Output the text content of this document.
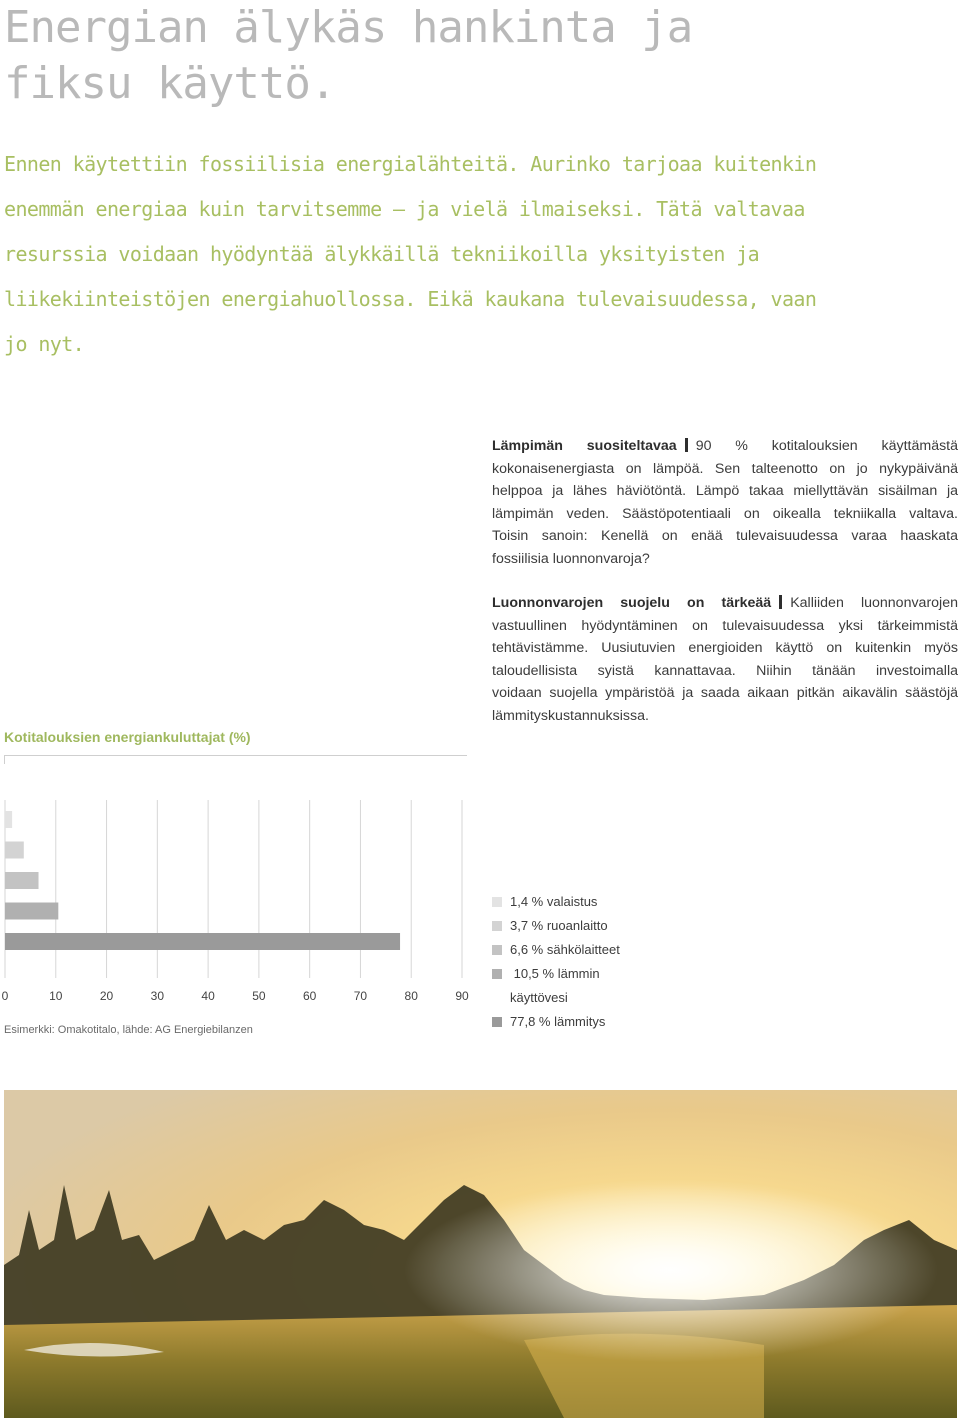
Energian älykäs hankinta ja
fiksu käyttö.

Ennen käytettiin fossiilisia energialähteitä. Aurinko tarjoaa kuitenkin
enemmän energiaa kuin tarvitsemme – ja vielä ilmaiseksi. Tätä valtavaa
resurssia voidaan hyödyntää älykkäillä tekniikoilla yksityisten ja
liikekiinteistöjen energiahuollossa. Eikä kaukana tulevaisuudessa, vaan
jo nyt.

Lämpimän suositeltavaa 90 % kotitalouksien käyttämästä
kokonaisenergiasta on lämpöä. Sen talteenotto on jo nykypäivänä
helppoa ja lähes häviötöntä. Lämpö takaa miellyttävän sisäilman ja
lämpimän veden. Säästöpotentiaali on oikealla tekniikalla valtava.
Toisin sanoin: Kenellä on enää tulevaisuudessa varaa haaskata
fossiilisia luonnonvaroja?
Luonnonvarojen suojelu on tärkeää Kalliiden luonnonvarojen
vastuullinen hyödyntäminen on tulevaisuudessa yksi tärkeimmistä
tehtävistämme. Uusiutuvien energioiden käyttö on kuitenkin myös
taloudellisista syistä kannattavaa. Niihin tänään investoimalla
voidaan suojella ympäristöä ja saada aikaan pitkän aikavälin säästöjä
lämmityskustannuksissa.
Kotitalouksien energiankuluttajat (%)
0	10	20	30	40	50	60	70	80	90
Esimerkki: Omakotitalo, lähde: AG Energiebilanzen
1,4 % valaistus
3,7 % ruoanlaitto
6,6 % sähkölaitteet
10,5 % lämmin
käyttövesi
77,8 % lämmitys
